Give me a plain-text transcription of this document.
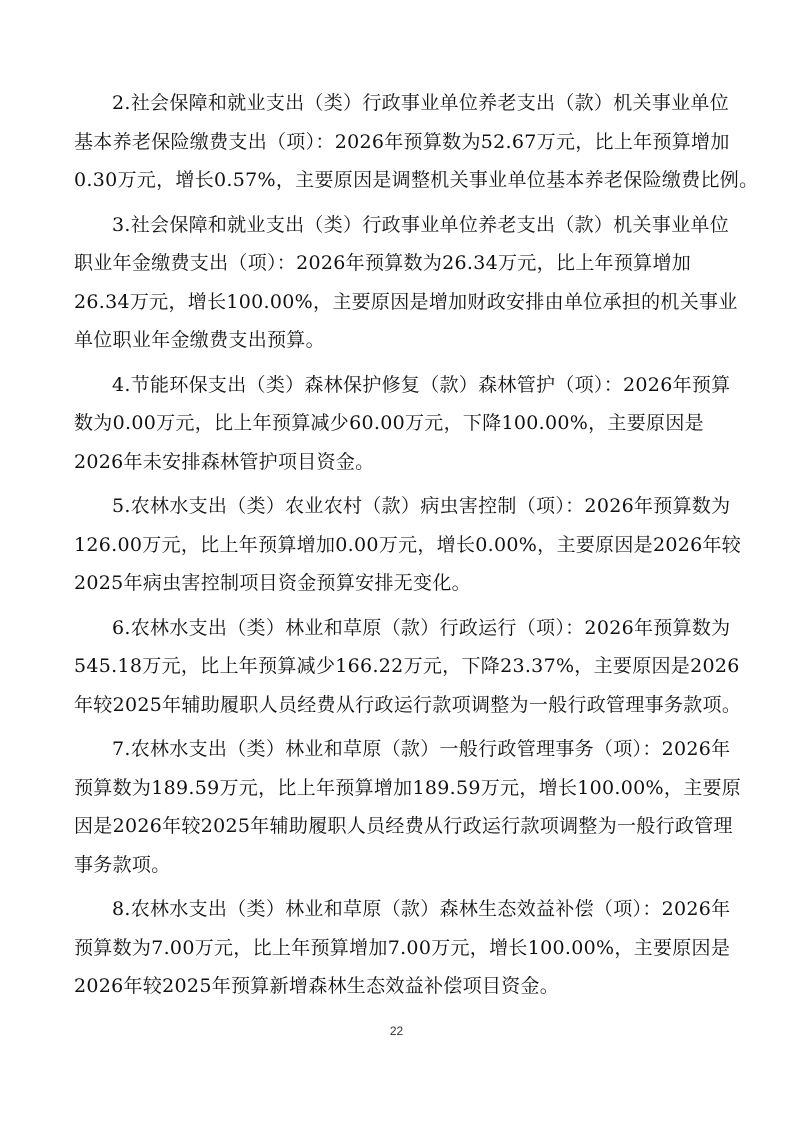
2.社会保障和就业支出（类）行政事业单位养老支出（款）机关事业单位
基本养老保险缴费支出（项）：2026年预算数为52.67万元，比上年预算增加
0.30万元，增长0.57%，主要原因是调整机关事业单位基本养老保险缴费比例。
3.社会保障和就业支出（类）行政事业单位养老支出（款）机关事业单位
职业年金缴费支出（项）：2026年预算数为26.34万元，比上年预算增加
26.34万元，增长100.00%，主要原因是增加财政安排由单位承担的机关事业
单位职业年金缴费支出预算。
4.节能环保支出（类）森林保护修复（款）森林管护（项）：2026年预算
数为0.00万元，比上年预算减少60.00万元，下降100.00%，主要原因是
2026年未安排森林管护项目资金。
5.农林水支出（类）农业农村（款）病虫害控制（项）：2026年预算数为
126.00万元，比上年预算增加0.00万元，增长0.00%，主要原因是2026年较
2025年病虫害控制项目资金预算安排无变化。
6.农林水支出（类）林业和草原（款）行政运行（项）：2026年预算数为
545.18万元，比上年预算减少166.22万元，下降23.37%，主要原因是2026
年较2025年辅助履职人员经费从行政运行款项调整为一般行政管理事务款项。
7.农林水支出（类）林业和草原（款）一般行政管理事务（项）：2026年
预算数为189.59万元，比上年预算增加189.59万元，增长100.00%，主要原
因是2026年较2025年辅助履职人员经费从行政运行款项调整为一般行政管理
事务款项。
8.农林水支出（类）林业和草原（款）森林生态效益补偿（项）：2026年
预算数为7.00万元，比上年预算增加7.00万元，增长100.00%，主要原因是
2026年较2025年预算新增森林生态效益补偿项目资金。
22
